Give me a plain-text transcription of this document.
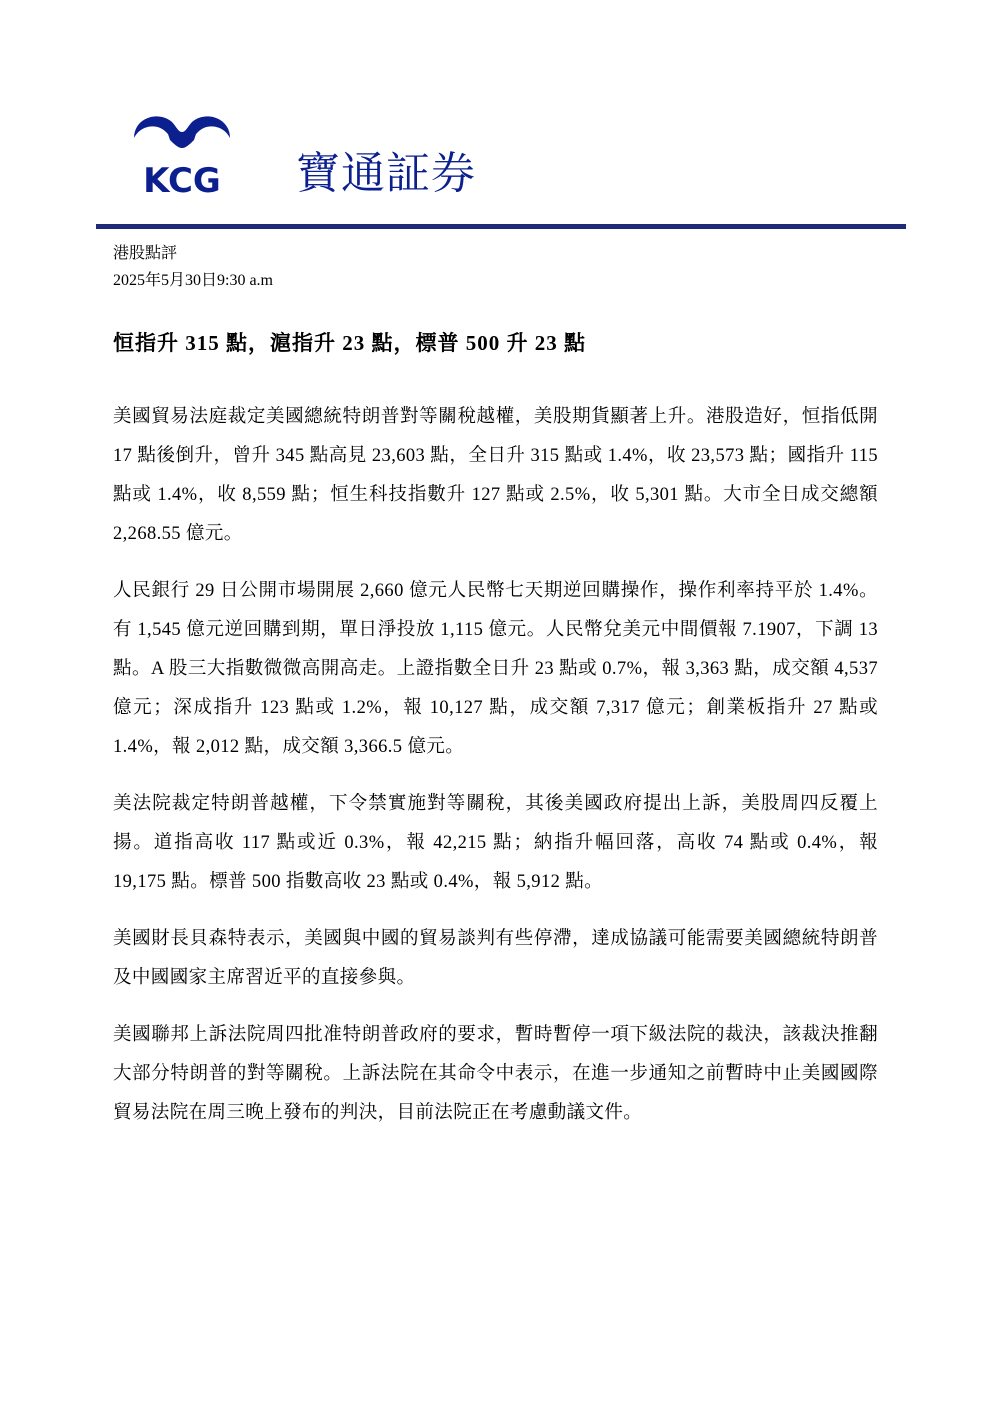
KCG 寶通証券
港股點評
2025年5月30日9:30 a.m
恒指升 315 點，滬指升 23 點，標普 500 升 23 點

美國貿易法庭裁定美國總統特朗普對等關稅越權，美股期貨顯著上升。港股造好，恒指低開 17 點後倒升，曾升 345 點高見 23,603 點，全日升 315 點或 1.4%，收 23,573 點；國指升 115 點或 1.4%，收 8,559 點；恒生科技指數升 127 點或 2.5%，收 5,301 點。大市全日成交總額 2,268.55 億元。

人民銀行 29 日公開市場開展 2,660 億元人民幣七天期逆回購操作，操作利率持平於 1.4%。有 1,545 億元逆回購到期，單日淨投放 1,115 億元。人民幣兌美元中間價報 7.1907，下調 13 點。A 股三大指數微微高開高走。上證指數全日升 23 點或 0.7%，報 3,363 點，成交額 4,537 億元；深成指升 123 點或 1.2%，報 10,127 點，成交額 7,317 億元；創業板指升 27 點或 1.4%，報 2,012 點，成交額 3,366.5 億元。

美法院裁定特朗普越權，下令禁實施對等關稅，其後美國政府提出上訴，美股周四反覆上揚。道指高收 117 點或近 0.3%，報 42,215 點；納指升幅回落，高收 74 點或 0.4%，報 19,175 點。標普 500 指數高收 23 點或 0.4%，報 5,912 點。

美國財長貝森特表示，美國與中國的貿易談判有些停滯，達成協議可能需要美國總統特朗普及中國國家主席習近平的直接參與。

美國聯邦上訴法院周四批准特朗普政府的要求，暫時暫停一項下級法院的裁決，該裁決推翻大部分特朗普的對等關稅。上訴法院在其命令中表示，在進一步通知之前暫時中止美國國際貿易法院在周三晚上發布的判決，目前法院正在考慮動議文件。
